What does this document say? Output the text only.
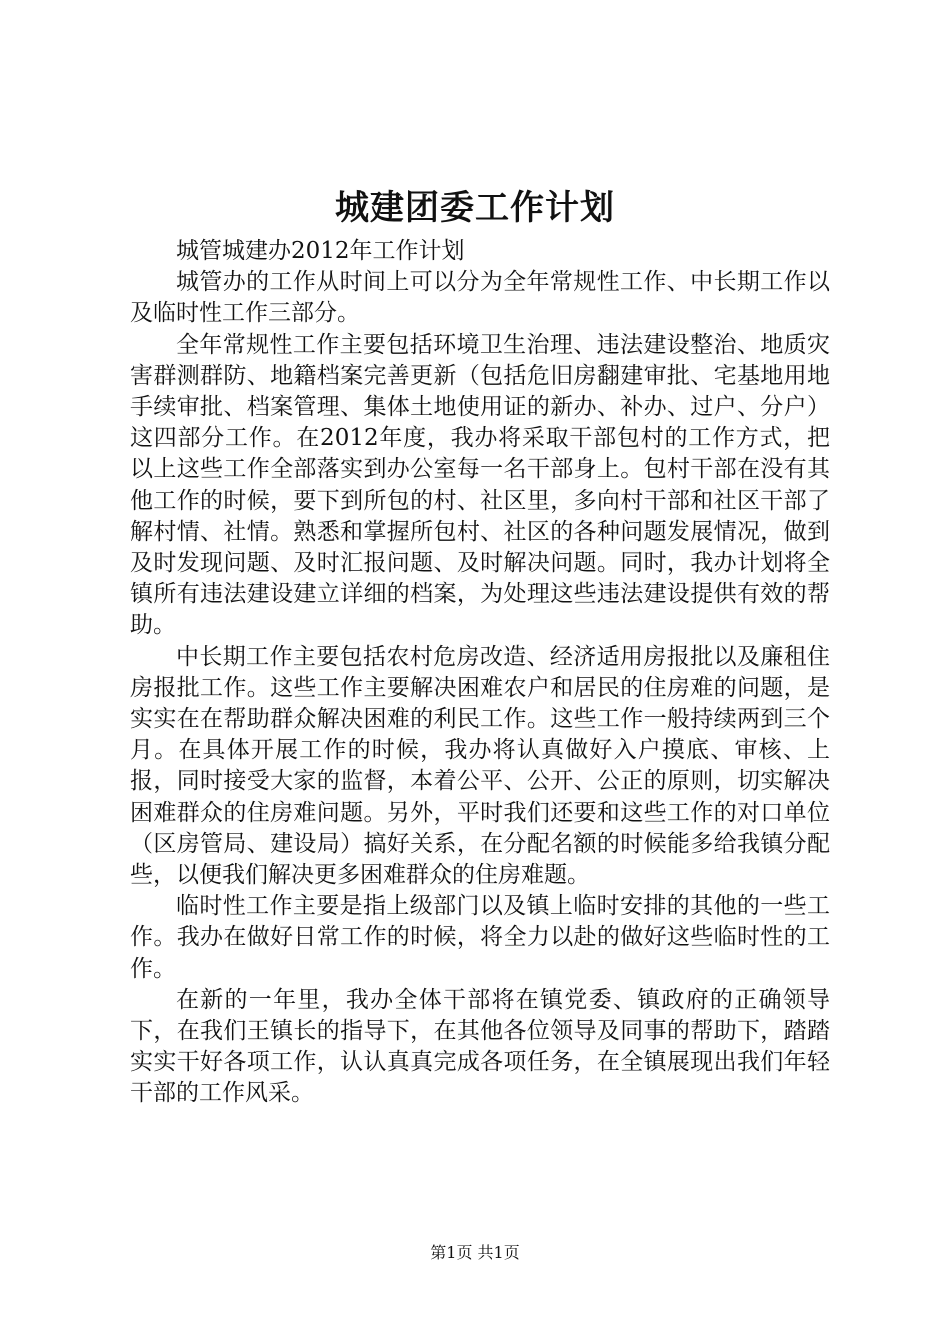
城建团委工作计划

城管城建办2012年工作计划

城管办的工作从时间上可以分为全年常规性工作、中长期工作以及临时性工作三部分。

全年常规性工作主要包括环境卫生治理、违法建设整治、地质灾害群测群防、地籍档案完善更新（包括危旧房翻建审批、宅基地用地手续审批、档案管理、集体土地使用证的新办、补办、过户、分户）这四部分工作。在2012年度，我办将采取干部包村的工作方式，把以上这些工作全部落实到办公室每一名干部身上。包村干部在没有其他工作的时候，要下到所包的村、社区里，多向村干部和社区干部了解村情、社情。熟悉和掌握所包村、社区的各种问题发展情况，做到及时发现问题、及时汇报问题、及时解决问题。同时，我办计划将全镇所有违法建设建立详细的档案，为处理这些违法建设提供有效的帮助。

中长期工作主要包括农村危房改造、经济适用房报批以及廉租住房报批工作。这些工作主要解决困难农户和居民的住房难的问题，是实实在在帮助群众解决困难的利民工作。这些工作一般持续两到三个月。在具体开展工作的时候，我办将认真做好入户摸底、审核、上报，同时接受大家的监督，本着公平、公开、公正的原则，切实解决困难群众的住房难问题。另外，平时我们还要和这些工作的对口单位（区房管局、建设局）搞好关系，在分配名额的时候能多给我镇分配些，以便我们解决更多困难群众的住房难题。

临时性工作主要是指上级部门以及镇上临时安排的其他的一些工作。我办在做好日常工作的时候，将全力以赴的做好这些临时性的工作。

在新的一年里，我办全体干部将在镇党委、镇政府的正确领导下，在我们王镇长的指导下，在其他各位领导及同事的帮助下，踏踏实实干好各项工作，认认真真完成各项任务，在全镇展现出我们年轻干部的工作风采。

第1页 共1页
